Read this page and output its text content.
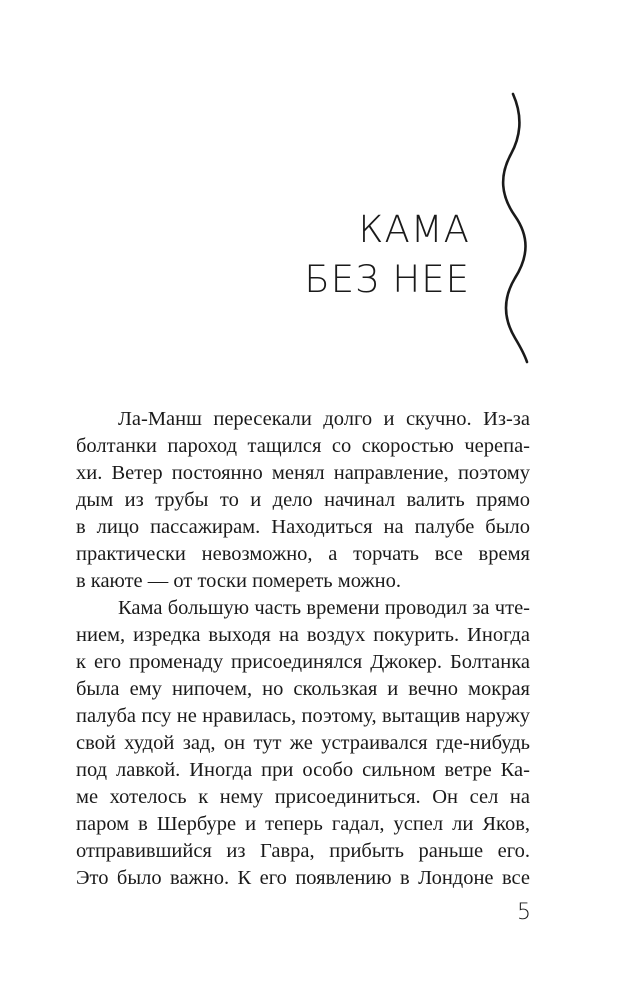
КАМА
БЕЗ НЕЕ

Ла-Манш пересекали долго и скучно. Из-за
болтанки пароход тащился со скоростью черепа-
хи. Ветер постоянно менял направление, поэтому
дым из трубы то и дело начинал валить прямо
в лицо пассажирам. Находиться на палубе было
практически невозможно, а торчать все время
в каюте — от тоски помереть можно.

Кама большую часть времени проводил за чте-
нием, изредка выходя на воздух покурить. Иногда
к его променаду присоединялся Джокер. Болтанка
была ему нипочем, но скользкая и вечно мокрая
палуба псу не нравилась, поэтому, вытащив наружу
свой худой зад, он тут же устраивался где-нибудь
под лавкой. Иногда при особо сильном ветре Ка-
ме хотелось к нему присоединиться. Он сел на
паром в Шербуре и теперь гадал, успел ли Яков,
отправившийся из Гавра, прибыть раньше его.
Это было важно. К его появлению в Лондоне все

5
